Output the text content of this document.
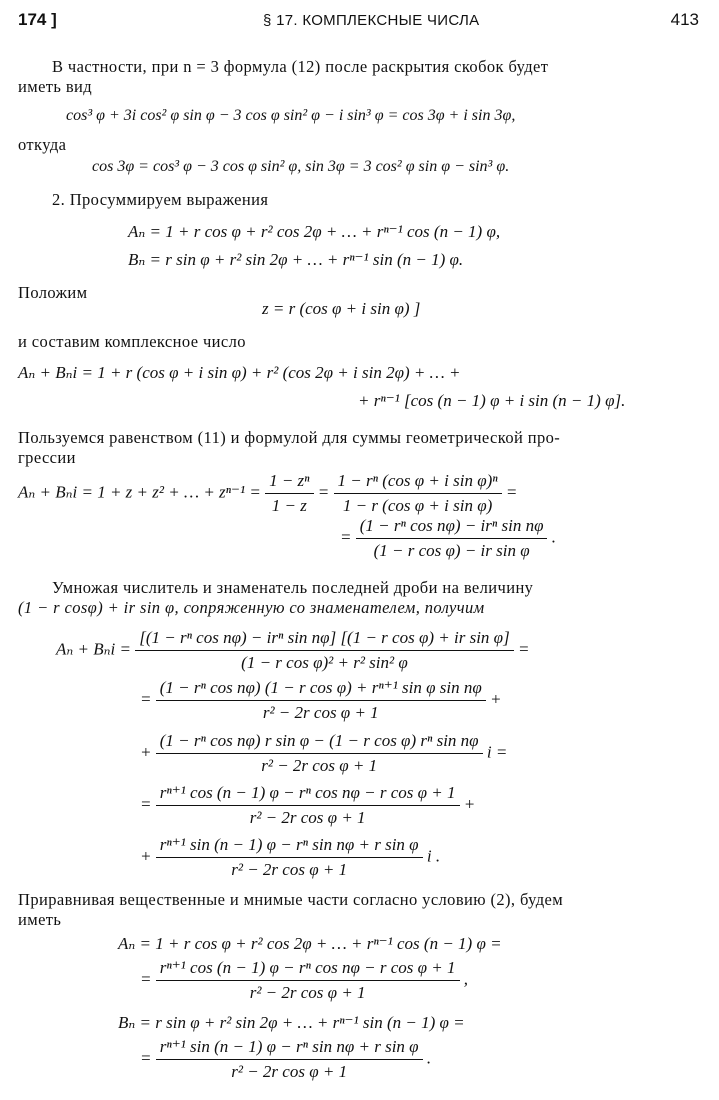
174 ]	§ 17. КОМПЛЕКСНЫЕ ЧИСЛА	413
В частности, при n = 3 формула (12) после раскрытия скобок будет
иметь вид
cos³ φ + 3i cos² φ sin φ − 3 cos φ sin² φ − i sin³ φ = cos 3φ + i sin 3φ,
откуда
cos 3φ = cos³ φ − 3 cos φ sin² φ, sin 3φ = 3 cos² φ sin φ − sin³ φ.
2. Просуммируем выражения
Aₙ = 1 + r cos φ + r² cos 2φ + … + rⁿ⁻¹ cos (n − 1) φ,
Bₙ = r sin φ + r² sin 2φ + … + rⁿ⁻¹ sin (n − 1) φ.
Положим
z = r (cos φ + i sin φ) ]
и составим комплексное число
Aₙ + Bₙi = 1 + r (cos φ + i sin φ) + r² (cos 2φ + i sin 2φ) + … +
+ rⁿ⁻¹ [cos (n − 1) φ + i sin (n − 1) φ].
Пользуемся равенством (11) и формулой для суммы геометрической про-
грессии
Aₙ + Bₙi = 1 + z + z² + … + $z^{n-1} = \frac{\text{1 − zⁿ}}{1 - z} = \frac{\text{1 − rⁿ (cos φ + i sin φ)ⁿ}}{\text{1 − r (cos φ + i sin φ)}}$ =
= $\frac{\text{(1 − rⁿ cos nφ) − irⁿ sin nφ}}{\text{(1 − r cos φ) − ir sin φ}}$ .
Умножая числитель и знаменатель последней дроби на величину
(1 − r cosφ) + ir sin φ, сопряженную со знаменателем, получим
$A_n + B_ni = \frac{\text{[(1 − rⁿ cos nφ) − irⁿ sin nφ] [(1 − r cos φ) + ir sin φ]}}{\text{(1 − r cos φ)² + r² sin² φ}}$ =
= $\frac{\text{(1 − rⁿ cos nφ) (1 − r cos φ) + rⁿ⁺¹ sin φ sin nφ}}{\text{r² − 2r cos φ + 1}}$ +
+ $\frac{\text{(1 − rⁿ cos nφ) r sin φ − (1 − r cos φ) rⁿ sin nφ}}{\text{r² − 2r cos φ + 1}}$ i =
= $\frac{\text{rⁿ⁺¹ cos (n − 1) φ − rⁿ cos nφ − r cos φ + 1}}{\text{r² − 2r cos φ + 1}}$ +
+ $\frac{\text{rⁿ⁺¹ sin (n − 1) φ − rⁿ sin nφ + r sin φ}}{\text{r² − 2r cos φ + 1}}$ i .
Приравнивая вещественные и мнимые части согласно условию (2), будем
иметь
Aₙ = 1 + r cos φ + r² cos 2φ + … + rⁿ⁻¹ cos (n − 1) φ =
= $\frac{\text{rⁿ⁺¹ cos (n − 1) φ − rⁿ cos nφ − r cos φ + 1}}{\text{r² − 2r cos φ + 1}}$ ,
Bₙ = r sin φ + r² sin 2φ + … + rⁿ⁻¹ sin (n − 1) φ =
= $\frac{\text{rⁿ⁺¹ sin (n − 1) φ − rⁿ sin nφ + r sin φ}}{\text{r² − 2r cos φ + 1}}$ .
